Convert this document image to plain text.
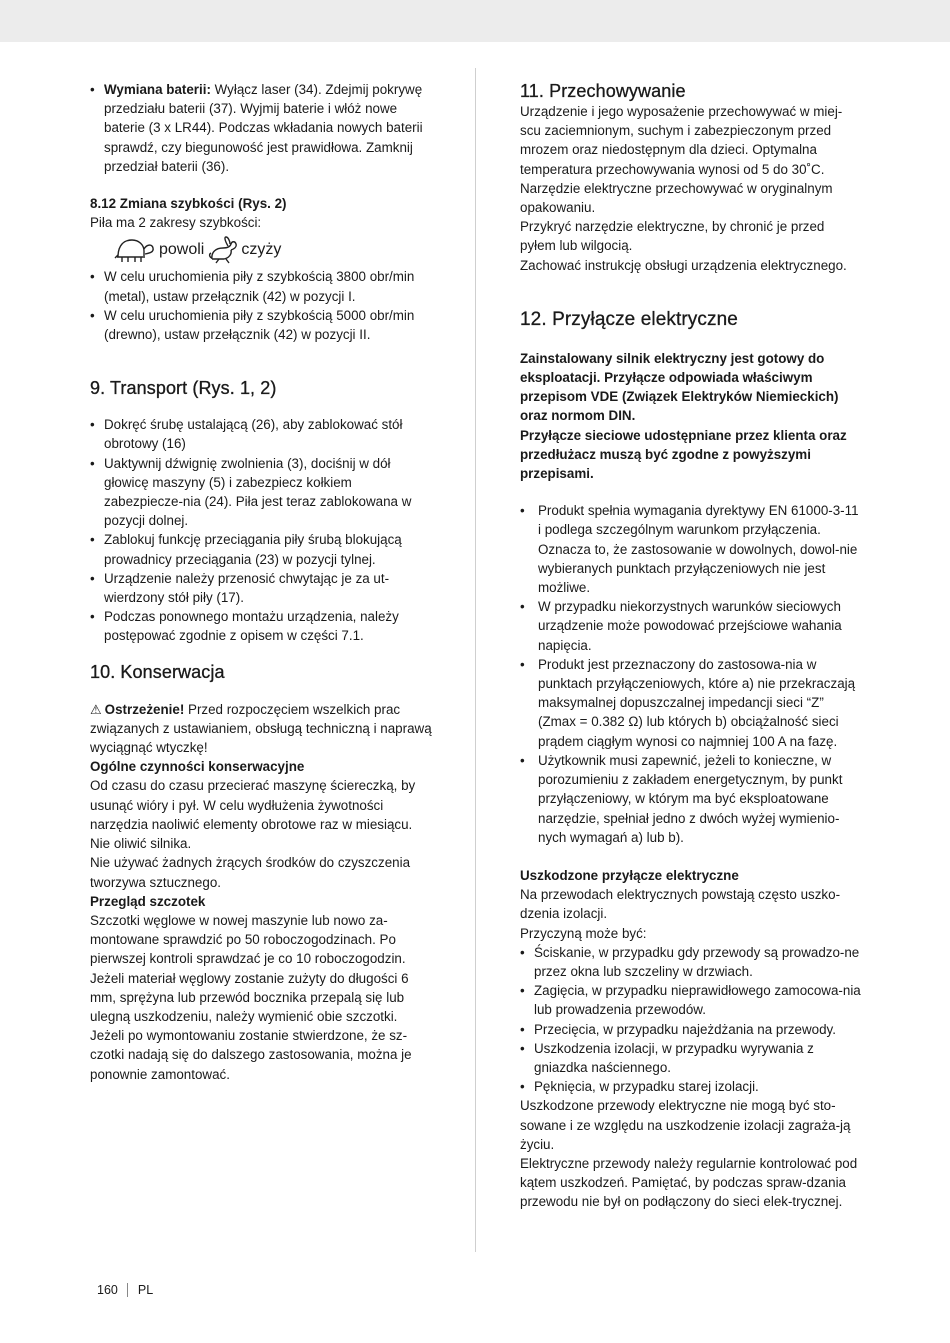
• Wymiana baterii: Wyłącz laser (34). Zdejmij pokrywę przedziału baterii (37). Wyjmij baterie i włóż nowe baterie (3 x LR44). Podczas wkładania nowych baterii sprawdź, czy biegunowość jest prawidłowa. Zamknij przedział baterii (36).

8.12 Zmiana szybkości (Rys. 2)

Piła ma 2 zakresy szybkości:

powoli czyży
• W celu uruchomienia piły z szybkością 3800 obr/min (metal), ustaw przełącznik (42) w pozycji I.
• W celu uruchomienia piły z szybkością 5000 obr/min (drewno), ustaw przełącznik (42) w pozycji II.
9. Transport (Rys. 1, 2)
• Dokręć śrubę ustalającą (26), aby zablokować stół obrotowy (16)
• Uaktywnij dźwignię zwolnienia (3), dociśnij w dół głowicę maszyny (5) i zabezpiecz kołkiem zabezpiecze-nia (24). Piła jest teraz zablokowana w pozycji dolnej.
• Zablokuj funkcję przeciągania piły śrubą blokującą prowadnicy przeciągania (23) w pozycji tylnej.
• Urządzenie należy przenosić chwytając je za ut-wierdzony stół piły (17).
• Podczas ponownego montażu urządzenia, należy postępować zgodnie z opisem w części 7.1.
10. Konserwacja

⚠ Ostrzeżenie! Przed rozpoczęciem wszelkich prac związanych z ustawianiem, obsługą techniczną i naprawą wyciągnąć wtyczkę!

Ogólne czynności konserwacyjne

Od czasu do czasu przecierać maszynę ściereczką, by usunąć wióry i pył. W celu wydłużenia żywotności narzędzia naoliwić elementy obrotowe raz w miesiącu. Nie oliwić silnika.

Nie używać żadnych żrących środków do czyszczenia tworzywa sztucznego.

Przegląd szczotek

Szczotki węglowe w nowej maszynie lub nowo za-montowane sprawdzić po 50 roboczogodzinach. Po pierwszej kontroli sprawdzać je co 10 roboczogodzin. Jeżeli materiał węglowy zostanie zużyty do długości 6 mm, sprężyna lub przewód bocznika przepalą się lub ulegną uszkodzeniu, należy wymienić obie szczotki. Jeżeli po wymontowaniu zostanie stwierdzone, że sz-czotki nadają się do dalszego zastosowania, można je ponownie zamontować.

11. Przechowywanie

Urządzenie i jego wyposażenie przechowywać w miej-scu zaciemnionym, suchym i zabezpieczonym przed mrozem oraz niedostępnym dla dzieci. Optymalna temperatura przechowywania wynosi od 5 do 30˚C. Narzędzie elektryczne przechowywać w oryginalnym opakowaniu.

Przykryć narzędzie elektryczne, by chronić je przed pyłem lub wilgocią.

Zachować instrukcję obsługi urządzenia elektrycznego.

12. Przyłącze elektryczne

Zainstalowany silnik elektryczny jest gotowy do eksploatacji. Przyłącze odpowiada właściwym przepisom VDE (Związek Elektryków Niemieckich) oraz normom DIN.

Przyłącze sieciowe udostępniane przez klienta oraz przedłużacz muszą być zgodne z powyższymi przepisami.

• Produkt spełnia wymagania dyrektywy EN 61000-3-11 i podlega szczególnym warunkom przyłączenia. Oznacza to, że zastosowanie w dowolnych, dowol-nie wybieranych punktach przyłączeniowych nie jest możliwe.
• W przypadku niekorzystnych warunków sieciowych urządzenie może powodować przejściowe wahania napięcia.
• Produkt jest przeznaczony do zastosowa-nia w punktach przyłączeniowych, które a) nie przekraczają maksymalnej dopuszczalnej impedancji sieci “Z” (Zmax = 0.382 Ω) lub których b) obciążalność sieci prądem ciągłym wynosi co najmniej 100 A na fazę.
• Użytkownik musi zapewnić, jeżeli to konieczne, w porozumieniu z zakładem energetycznym, by punkt przyłączeniowy, w którym ma być eksploatowane narzędzie, spełniał jedno z dwóch wyżej wymienio-nych wymagań a) lub b).

Uszkodzone przyłącze elektryczne

Na przewodach elektrycznych powstają często uszko-dzenia izolacji.

Przyczyną może być:

• Ściskanie, w przypadku gdy przewody są prowadzo-ne przez okna lub szczeliny w drzwiach.
• Zagięcia, w przypadku nieprawidłowego zamocowa-nia lub prowadzenia przewodów.
• Przecięcia, w przypadku najeżdżania na przewody.
• Uszkodzenia izolacji, w przypadku wyrywania z gniazdka naściennego.
• Pęknięcia, w przypadku starej izolacji.

Uszkodzone przewody elektryczne nie mogą być sto-sowane i ze względu na uszkodzenie izolacji zagraża-ją życiu.

Elektryczne przewody należy regularnie kontrolować pod kątem uszkodzeń. Pamiętać, by podczas spraw-dzania przewodu nie był on podłączony do sieci elek-trycznej.

160 PL
